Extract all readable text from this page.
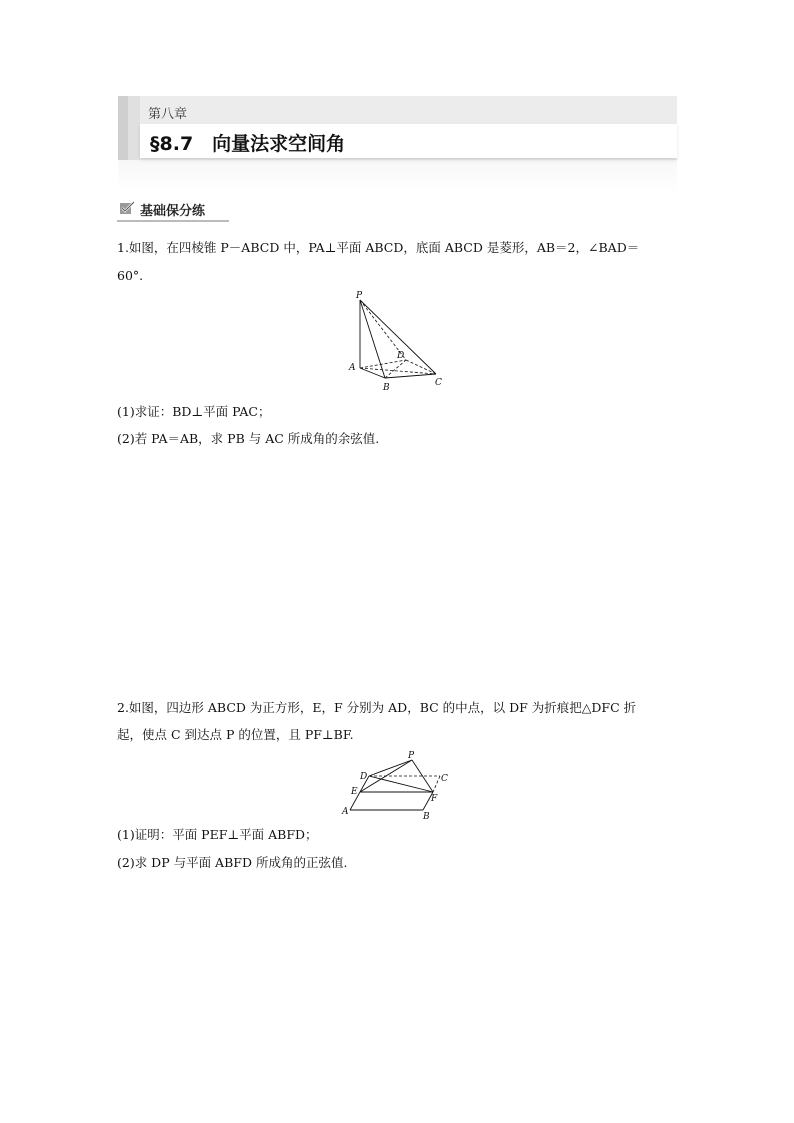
第八章
§8.7　向量法求空间角
基础保分练
1.如图，在四棱锥 P－ABCD 中，PA⊥平面 ABCD，底面 ABCD 是菱形，AB＝2，∠BAD＝
60°.
P
A
B	C
D
(1)求证：BD⊥平面 PAC；
(2)若 PA＝AB，求 PB 与 AC 所成角的余弦值.
2.如图，四边形 ABCD 为正方形，E，F 分别为 AD，BC 的中点，以 DF 为折痕把△DFC 折
起，使点 C 到达点 P 的位置，且 PF⊥BF.
P
D	C
E
F
A	B
(1)证明：平面 PEF⊥平面 ABFD；
(2)求 DP 与平面 ABFD 所成角的正弦值.
